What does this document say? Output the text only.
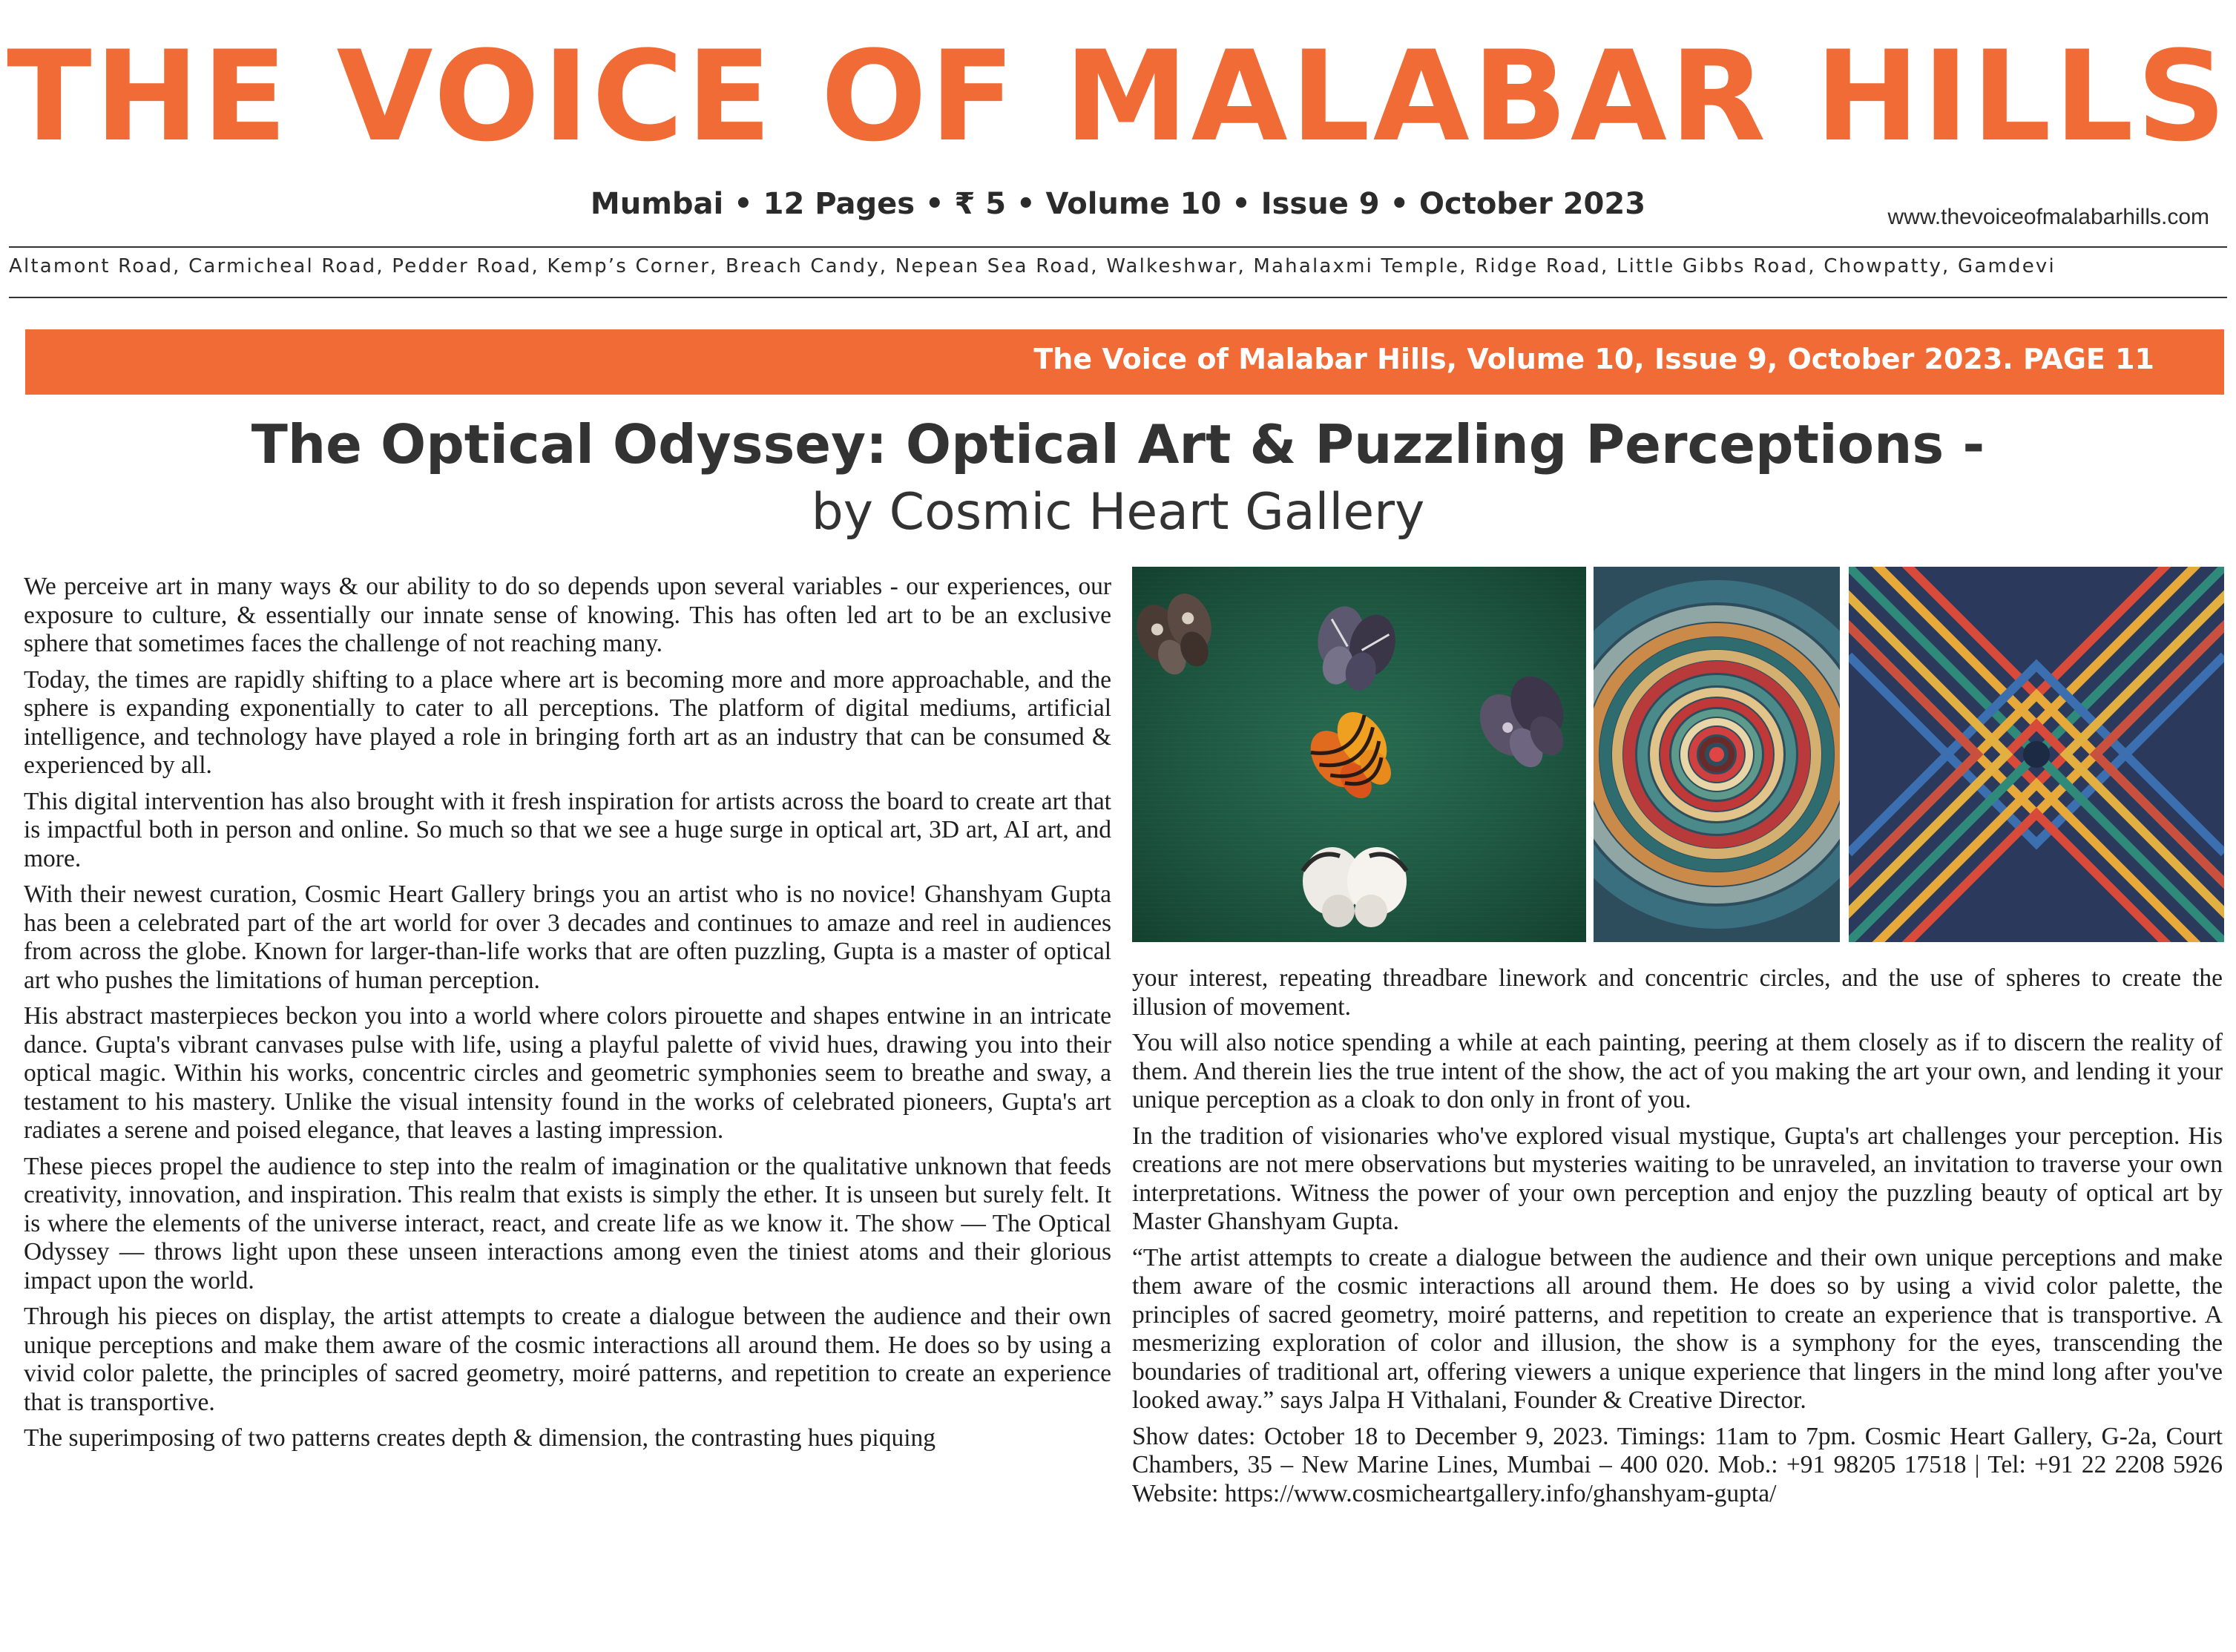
THE VOICE OF MALABAR HILLS
Mumbai • 12 Pages • ₹ 5 • Volume 10 • Issue 9 • October 2023	www.thevoiceofmalabarhills.com
Altamont Road, Carmicheal Road, Pedder Road, Kemp’s Corner, Breach Candy, Nepean Sea Road, Walkeshwar, Mahalaxmi Temple, Ridge Road, Little Gibbs Road, Chowpatty, Gamdevi
The Voice of Malabar Hills, Volume 10, Issue 9, October 2023. PAGE 11
The Optical Odyssey: Optical Art & Puzzling Perceptions -
by Cosmic Heart Gallery

We perceive art in many ways & our ability to do so depends upon several variables - our experiences, our exposure to culture, & essentially our innate sense of knowing. This has often led art to be an exclusive sphere that sometimes faces the challenge of not reaching many.

Today, the times are rapidly shifting to a place where art is becoming more and more approachable, and the sphere is expanding exponentially to cater to all perceptions. The platform of digital mediums, artificial intelligence, and technology have played a role in bringing forth art as an industry that can be consumed & experienced by all.

This digital intervention has also brought with it fresh inspiration for artists across the board to create art that is impactful both in person and online. So much so that we see a huge surge in optical art, 3D art, AI art, and more.

With their newest curation, Cosmic Heart Gallery brings you an artist who is no novice! Ghanshyam Gupta has been a celebrated part of the art world for over 3 decades and continues to amaze and reel in audiences from across the globe. Known for larger-than-life works that are often puzzling, Gupta is a master of optical art who pushes the limitations of human perception.

His abstract masterpieces beckon you into a world where colors pirouette and shapes entwine in an intricate dance. Gupta's vibrant canvases pulse with life, using a playful palette of vivid hues, drawing you into their optical magic. Within his works, concentric circles and geometric symphonies seem to breathe and sway, a testament to his mastery. Unlike the visual intensity found in the works of celebrated pioneers, Gupta's art radiates a serene and poised elegance, that leaves a lasting impression.

These pieces propel the audience to step into the realm of imagination or the qualitative unknown that feeds creativity, innovation, and inspiration. This realm that exists is simply the ether. It is unseen but surely felt. It is where the elements of the universe interact, react, and create life as we know it. The show — The Optical Odyssey — throws light upon these unseen interactions among even the tiniest atoms and their glorious impact upon the world.

Through his pieces on display, the artist attempts to create a dialogue between the audience and their own unique perceptions and make them aware of the cosmic interactions all around them. He does so by using a vivid color palette, the principles of sacred geometry, moiré patterns, and repetition to create an experience that is transportive.

The superimposing of two patterns creates depth & dimension, the contrasting hues piquing

your interest, repeating threadbare linework and concentric circles, and the use of spheres to create the illusion of movement.

You will also notice spending a while at each painting, peering at them closely as if to discern the reality of them. And therein lies the true intent of the show, the act of you making the art your own, and lending it your unique perception as a cloak to don only in front of you.

In the tradition of visionaries who've explored visual mystique, Gupta's art challenges your perception. His creations are not mere observations but mysteries waiting to be unraveled, an invitation to traverse your own interpretations. Witness the power of your own perception and enjoy the puzzling beauty of optical art by Master Ghanshyam Gupta.

“The artist attempts to create a dialogue between the audience and their own unique perceptions and make them aware of the cosmic interactions all around them. He does so by using a vivid color palette, the principles of sacred geometry, moiré patterns, and repetition to create an experience that is transportive. A mesmerizing exploration of color and illusion, the show is a symphony for the eyes, transcending the boundaries of traditional art, offering viewers a unique experience that lingers in the mind long after you've looked away.” says Jalpa H Vithalani, Founder & Creative Director.

Show dates: October 18 to December 9, 2023. Timings: 11am to 7pm. Cosmic Heart Gallery, G-2a, Court Chambers, 35 – New Marine Lines, Mumbai – 400 020. Mob.: +91 98205 17518 | Tel: +91 22 2208 5926 Website: https://www.cosmicheartgallery.info/ghanshyam-gupta/
